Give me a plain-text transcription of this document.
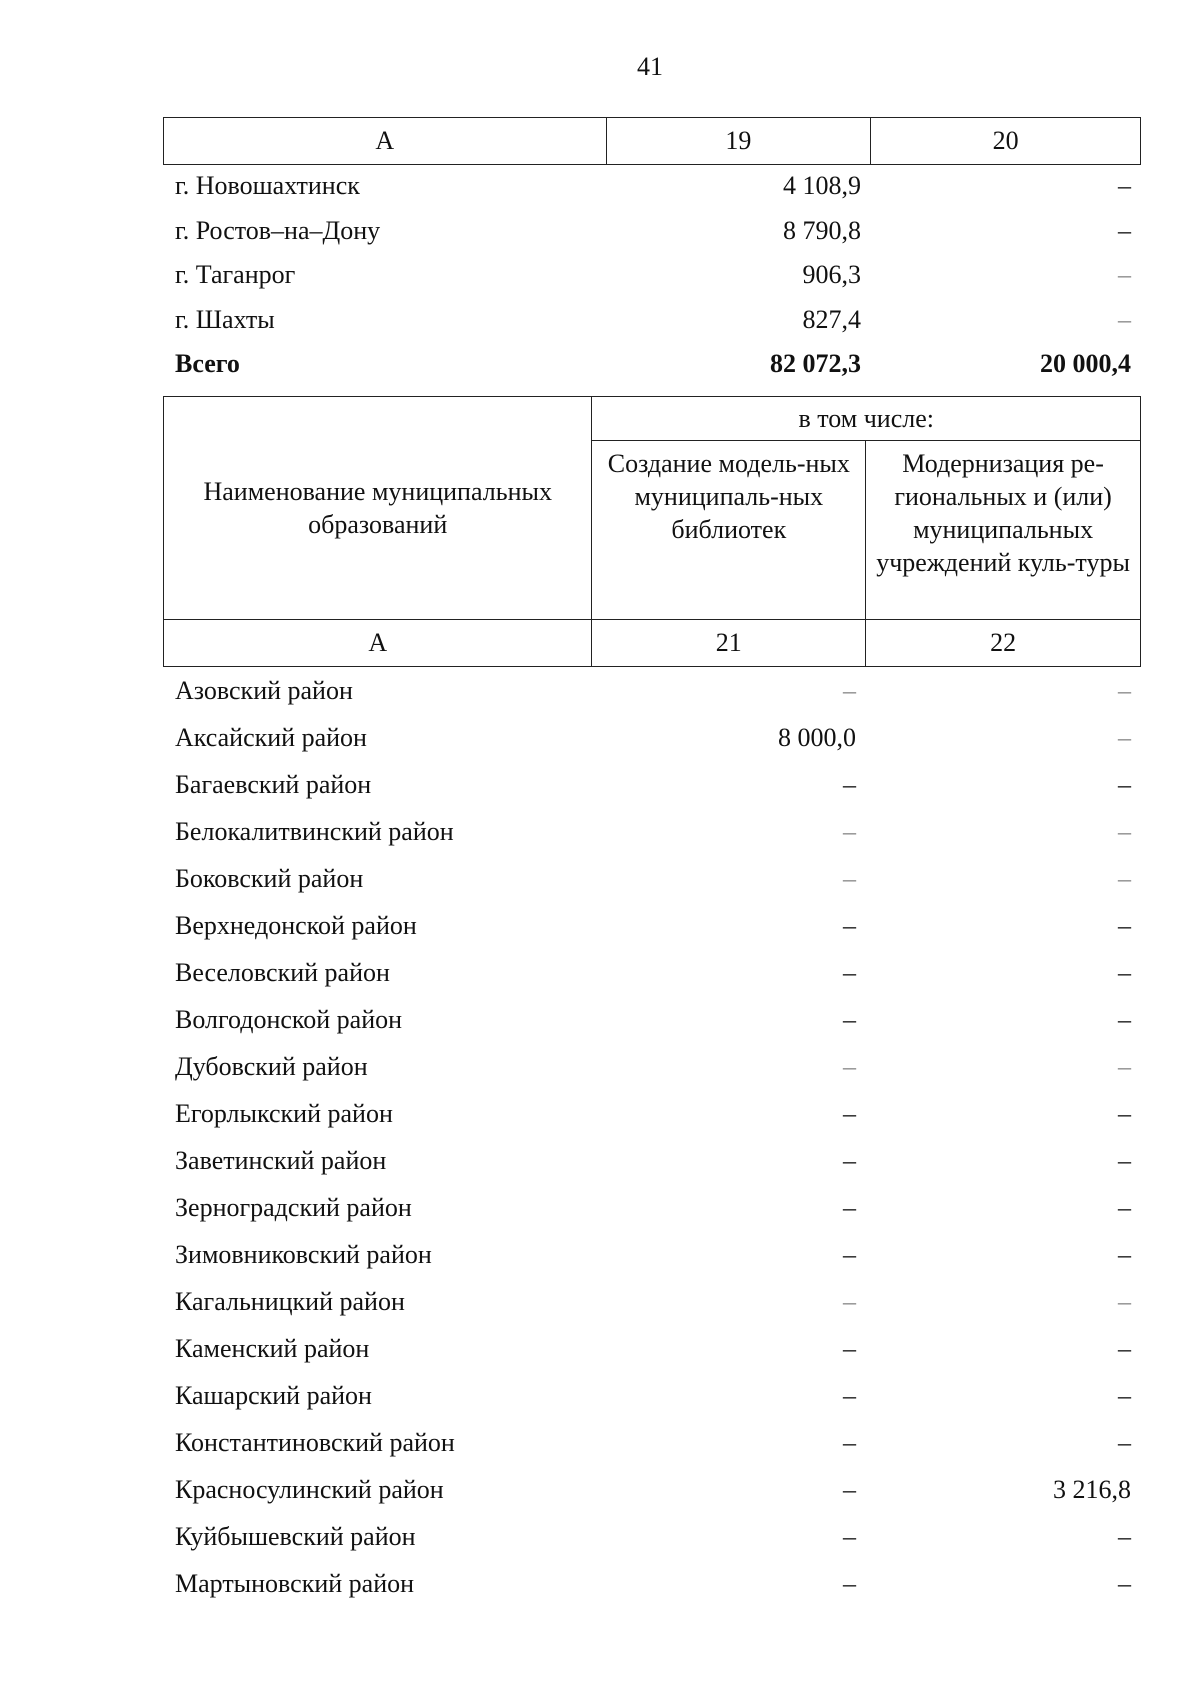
41
А	19	20
г. Новошахтинск	4 108,9	–
г. Ростов–на–Дону	8 790,8	–
г. Таганрог	906,3	–
г. Шахты	827,4	–
Всего	82 072,3	20 000,4
Наименование муниципальных образований	в том числе:	
	Создание модель-ных муниципаль-ных библиотек	Модернизация ре-гиональных и (или) муниципальных учреждений куль-туры
А	21	22
Азовский район	–	–
Аксайский район	8 000,0	–
Багаевский район	–	–
Белокалитвинский район	–	–
Боковский район	–	–
Верхнедонской район	–	–
Веселовский район	–	–
Волгодонской район	–	–
Дубовский район	–	–
Егорлыкский район	–	–
Заветинский район	–	–
Зерноградский район	–	–
Зимовниковский район	–	–
Кагальницкий район	–	–
Каменский район	–	–
Кашарский район	–	–
Константиновский район	–	–
Красносулинский район	–	3 216,8
Куйбышевский район	–	–
Мартыновский район	–	–
